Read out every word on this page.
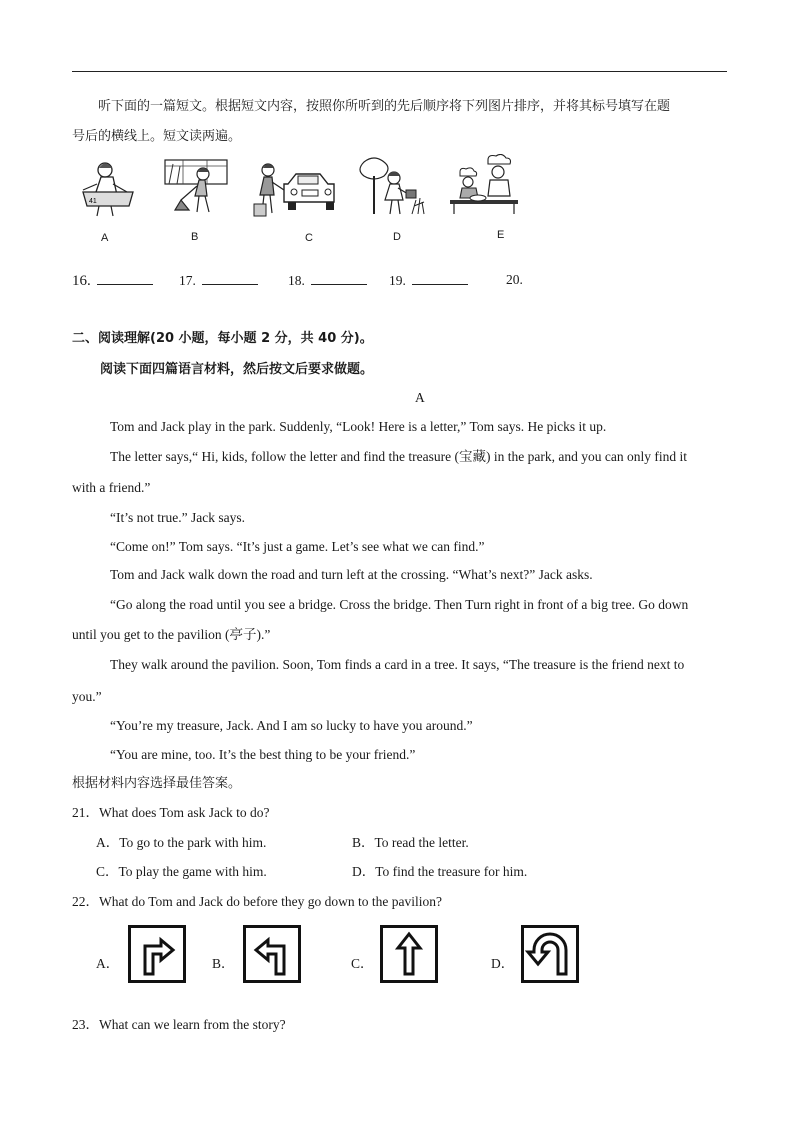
听下面的一篇短文。根据短文内容，按照你所听到的先后顺序将下列图片排序，并将其标号填写在题
号后的横线上。短文读两遍。
41
A	B	C	D	E
16.	17.	18.	19.	20.
二、阅读理解(20 小题，每小题 2 分，共 40 分)。
阅读下面四篇语言材料，然后按文后要求做题。
A
Tom and Jack play in the park. Suddenly, “Look! Here is a letter,” Tom says. He picks it up.
The letter says,“ Hi, kids, follow the letter and find the treasure (宝藏) in the park, and you can only find it
with a friend.”
“It’s not true.” Jack says.
“Come on!” Tom says. “It’s just a game. Let’s see what we can find.”
Tom and Jack walk down the road and turn left at the crossing. “What’s next?” Jack asks.
“Go along the road until you see a bridge. Cross the bridge. Then Turn right in front of a big tree. Go down
until you get to the pavilion (亭子).”
They walk around the pavilion. Soon, Tom finds a card in a tree. It says, “The treasure is the friend next to
you.”
“You’re my treasure, Jack. And I am so lucky to have you around.”
“You are mine, too. It’s the best thing to be your friend.”
根据材料内容选择最佳答案。
21．What does Tom ask Jack to do?
A．To go to the park with him.	B．To read the letter.
C．To play the game with him.	D．To find the treasure for him.
22．What do Tom and Jack do before they go down to the pavilion?
A．	B．	C．	D．
23．What can we learn from the story?
